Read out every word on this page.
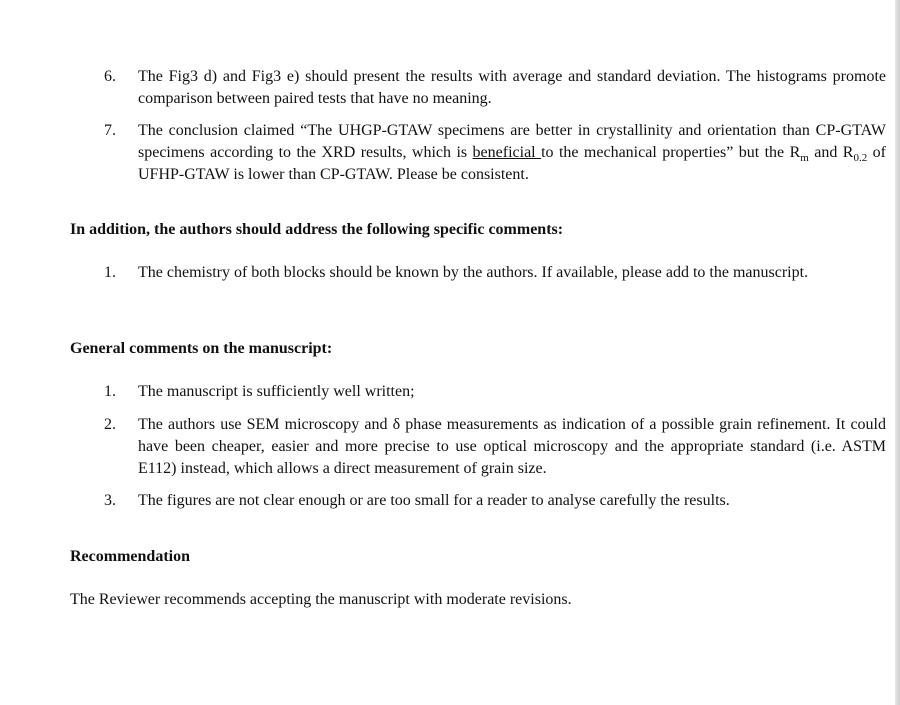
6. The Fig3 d) and Fig3 e) should present the results with average and standard deviation. The histograms promote comparison between paired tests that have no meaning.
7. The conclusion claimed “The UHGP-GTAW specimens are better in crystallinity and orientation than CP-GTAW specimens according to the XRD results, which is beneficial to the mechanical properties” but the $R_m$ and $R_{0.2}$ of UFHP-GTAW is lower than CP-GTAW. Please be consistent.
In addition, the authors should address the following specific comments:
1. The chemistry of both blocks should be known by the authors. If available, please add to the manuscript.
General comments on the manuscript:
1. The manuscript is sufficiently well written;
2. The authors use SEM microscopy and δ phase measurements as indication of a possible grain refinement. It could have been cheaper, easier and more precise to use optical microscopy and the appropriate standard (i.e. ASTM E112) instead, which allows a direct measurement of grain size.
3. The figures are not clear enough or are too small for a reader to analyse carefully the results.
Recommendation
The Reviewer recommends accepting the manuscript with moderate revisions.
